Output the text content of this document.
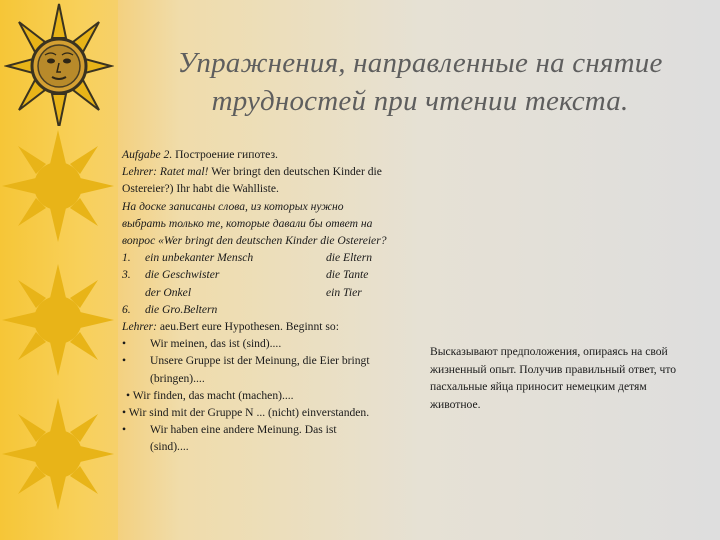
Упражнения, направленные на снятие
трудностей при чтении текста.
Aufgabe 2. Построение гипотез.
Lehrer: Ratet mal! Wer bringt den deutschen Kinder die
Ostereier?) Ihr habt die Wahlliste.
На доске записаны слова, из которых нужно
выбрать только те, которые давали бы ответ на
вопрос «Wer bringt den deutschen Kinder die Ostereier?
1. ein unbekanter Mensch	die Eltern
3. die Geschwister	die Tante
der Onkel	ein Tier
6. die Gro.Beltern
Lehrer: aeu.Bert eure Hypothesen. Beginnt so:
• Wir meinen, das ist (sind)....
• Unsere Gruppe ist der Meinung, die Eier bringt
(bringen)....
• Wir finden, das macht (machen)....
• Wir sind mit der Gruppe N ... (nicht) einverstanden.
• Wir haben eine andere Meinung. Das ist
(sind)....
Высказывают предположения, опираясь на свой
жизненный опыт. Получив правильный ответ, что
пасхальные яйца приносит немецким детям
животное.
